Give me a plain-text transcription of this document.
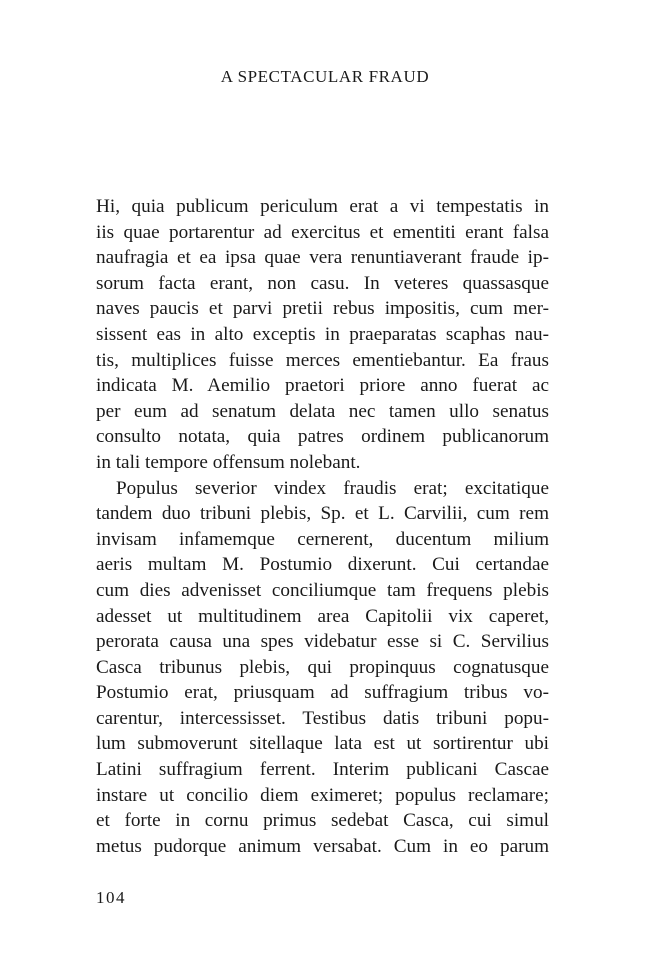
A SPECTACULAR FRAUD
Hi, quia publicum periculum erat a vi tempestatis in
iis quae portarentur ad exercitus et ementiti erant falsa
naufragia et ea ipsa quae vera renuntiaverant fraude ip-
sorum facta erant, non casu. In veteres quassasque
naves paucis et parvi pretii rebus impositis, cum mer-
sissent eas in alto exceptis in praeparatas scaphas nau-
tis, multiplices fuisse merces ementiebantur. Ea fraus
indicata M. Aemilio praetori priore anno fuerat ac
per eum ad senatum delata nec tamen ullo senatus
consulto notata, quia patres ordinem publicanorum
in tali tempore offensum nolebant.
Populus severior vindex fraudis erat; excitatique
tandem duo tribuni plebis, Sp. et L. Carvilii, cum rem
invisam infamemque cernerent, ducentum milium
aeris multam M. Postumio dixerunt. Cui certandae
cum dies advenisset conciliumque tam frequens plebis
adesset ut multitudinem area Capitolii vix caperet,
perorata causa una spes videbatur esse si C. Servilius
Casca tribunus plebis, qui propinquus cognatusque
Postumio erat, priusquam ad suffragium tribus vo-
carentur, intercessisset. Testibus datis tribuni popu-
lum submoverunt sitellaque lata est ut sortirentur ubi
Latini suffragium ferrent. Interim publicani Cascae
instare ut concilio diem eximeret; populus reclamare;
et forte in cornu primus sedebat Casca, cui simul
metus pudorque animum versabat. Cum in eo parum
104
